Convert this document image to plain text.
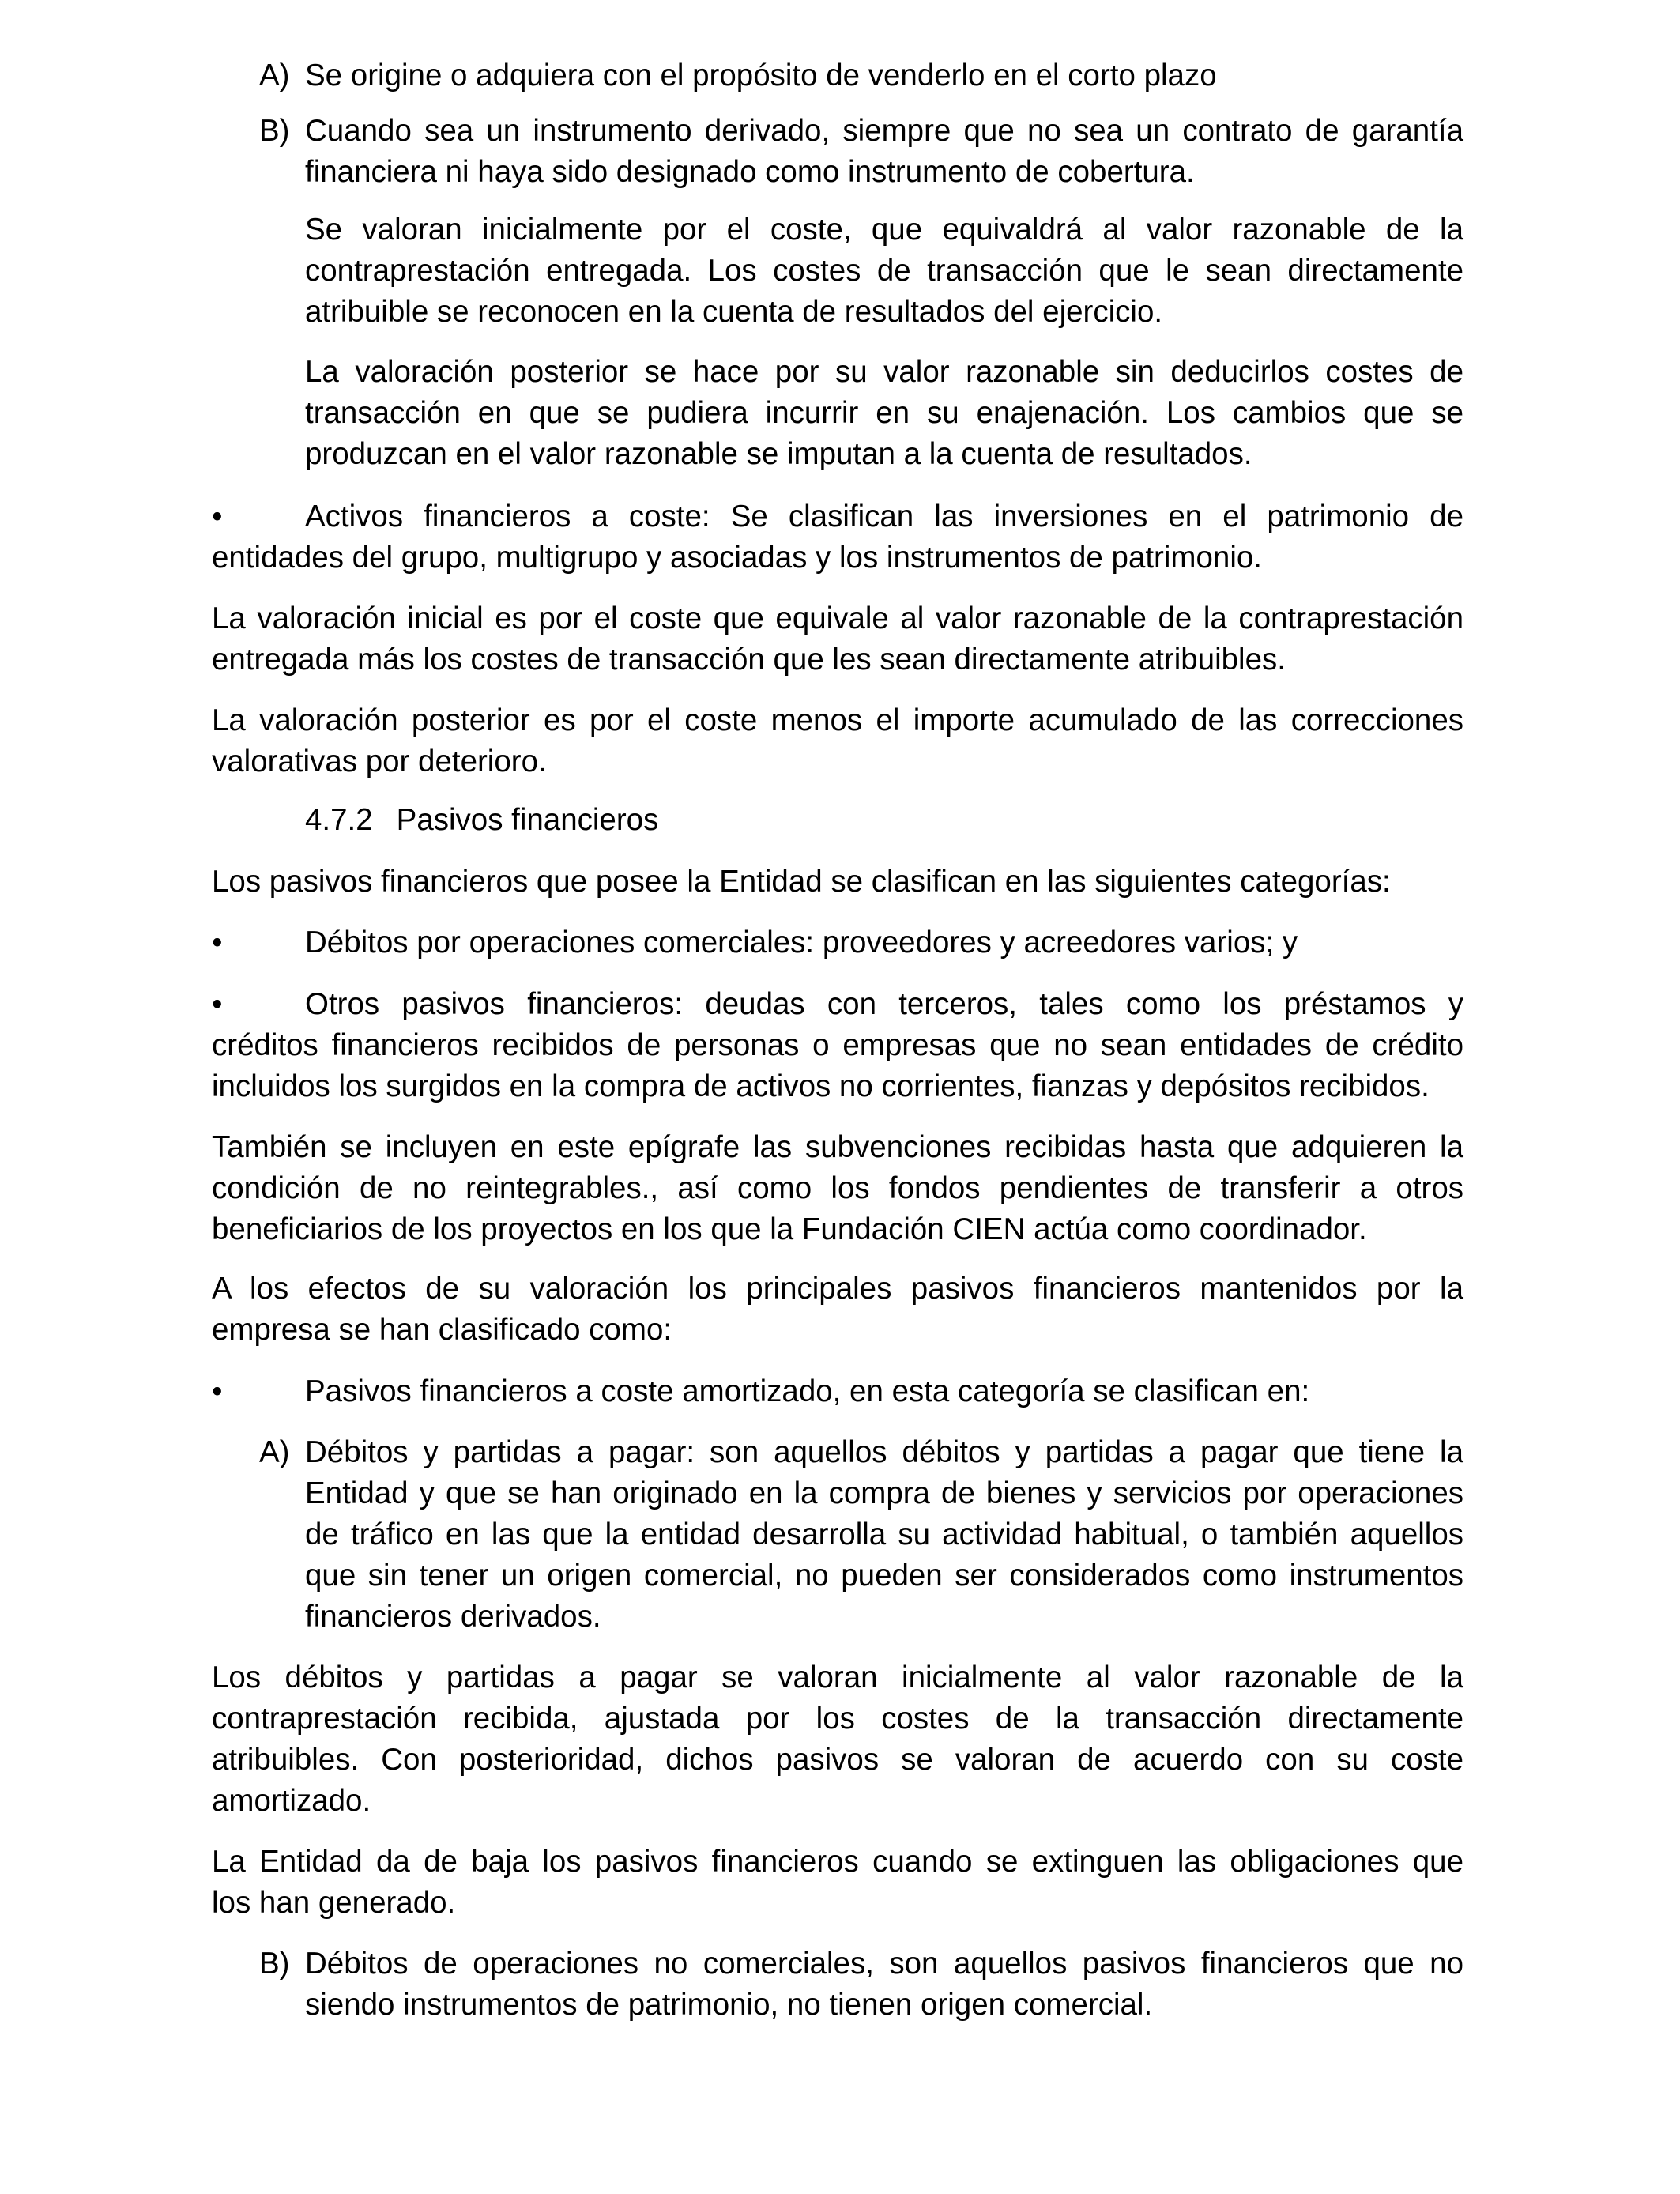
A) Se origine o adquiera con el propósito de venderlo en el corto plazo
B) Cuando sea un instrumento derivado, siempre que no sea un contrato de garantía
financiera ni haya sido designado como instrumento de cobertura.
Se valoran inicialmente por el coste, que equivaldrá al valor razonable de la
contraprestación entregada. Los costes de transacción que le sean directamente
atribuible se reconocen en la cuenta de resultados del ejercicio.
La valoración posterior se hace por su valor razonable sin deducirlos costes de
transacción en que se pudiera incurrir en su enajenación. Los cambios que se
produzcan en el valor razonable se imputan a la cuenta de resultados.
•	Activos financieros a coste: Se clasifican las inversiones en el patrimonio de
entidades del grupo, multigrupo y asociadas y los instrumentos de patrimonio.
La valoración inicial es por el coste que equivale al valor razonable de la contraprestación
entregada más los costes de transacción que les sean directamente atribuibles.
La valoración posterior es por el coste menos el importe acumulado de las correcciones
valorativas por deterioro.
4.7.2 Pasivos financieros
Los pasivos financieros que posee la Entidad se clasifican en las siguientes categorías:
•	Débitos por operaciones comerciales: proveedores y acreedores varios; y
•	Otros pasivos financieros: deudas con terceros, tales como los préstamos y
créditos financieros recibidos de personas o empresas que no sean entidades de crédito
incluidos los surgidos en la compra de activos no corrientes, fianzas y depósitos recibidos.
También se incluyen en este epígrafe las subvenciones recibidas hasta que adquieren la
condición de no reintegrables., así como los fondos pendientes de transferir a otros
beneficiarios de los proyectos en los que la Fundación CIEN actúa como coordinador.
A los efectos de su valoración los principales pasivos financieros mantenidos por la
empresa se han clasificado como:
•	Pasivos financieros a coste amortizado, en esta categoría se clasifican en:
A) Débitos y partidas a pagar: son aquellos débitos y partidas a pagar que tiene la
Entidad y que se han originado en la compra de bienes y servicios por operaciones
de tráfico en las que la entidad desarrolla su actividad habitual, o también aquellos
que sin tener un origen comercial, no pueden ser considerados como instrumentos
financieros derivados.
Los débitos y partidas a pagar se valoran inicialmente al valor razonable de la
contraprestación recibida, ajustada por los costes de la transacción directamente
atribuibles. Con posterioridad, dichos pasivos se valoran de acuerdo con su coste
amortizado.
La Entidad da de baja los pasivos financieros cuando se extinguen las obligaciones que
los han generado.
B) Débitos de operaciones no comerciales, son aquellos pasivos financieros que no
siendo instrumentos de patrimonio, no tienen origen comercial.
